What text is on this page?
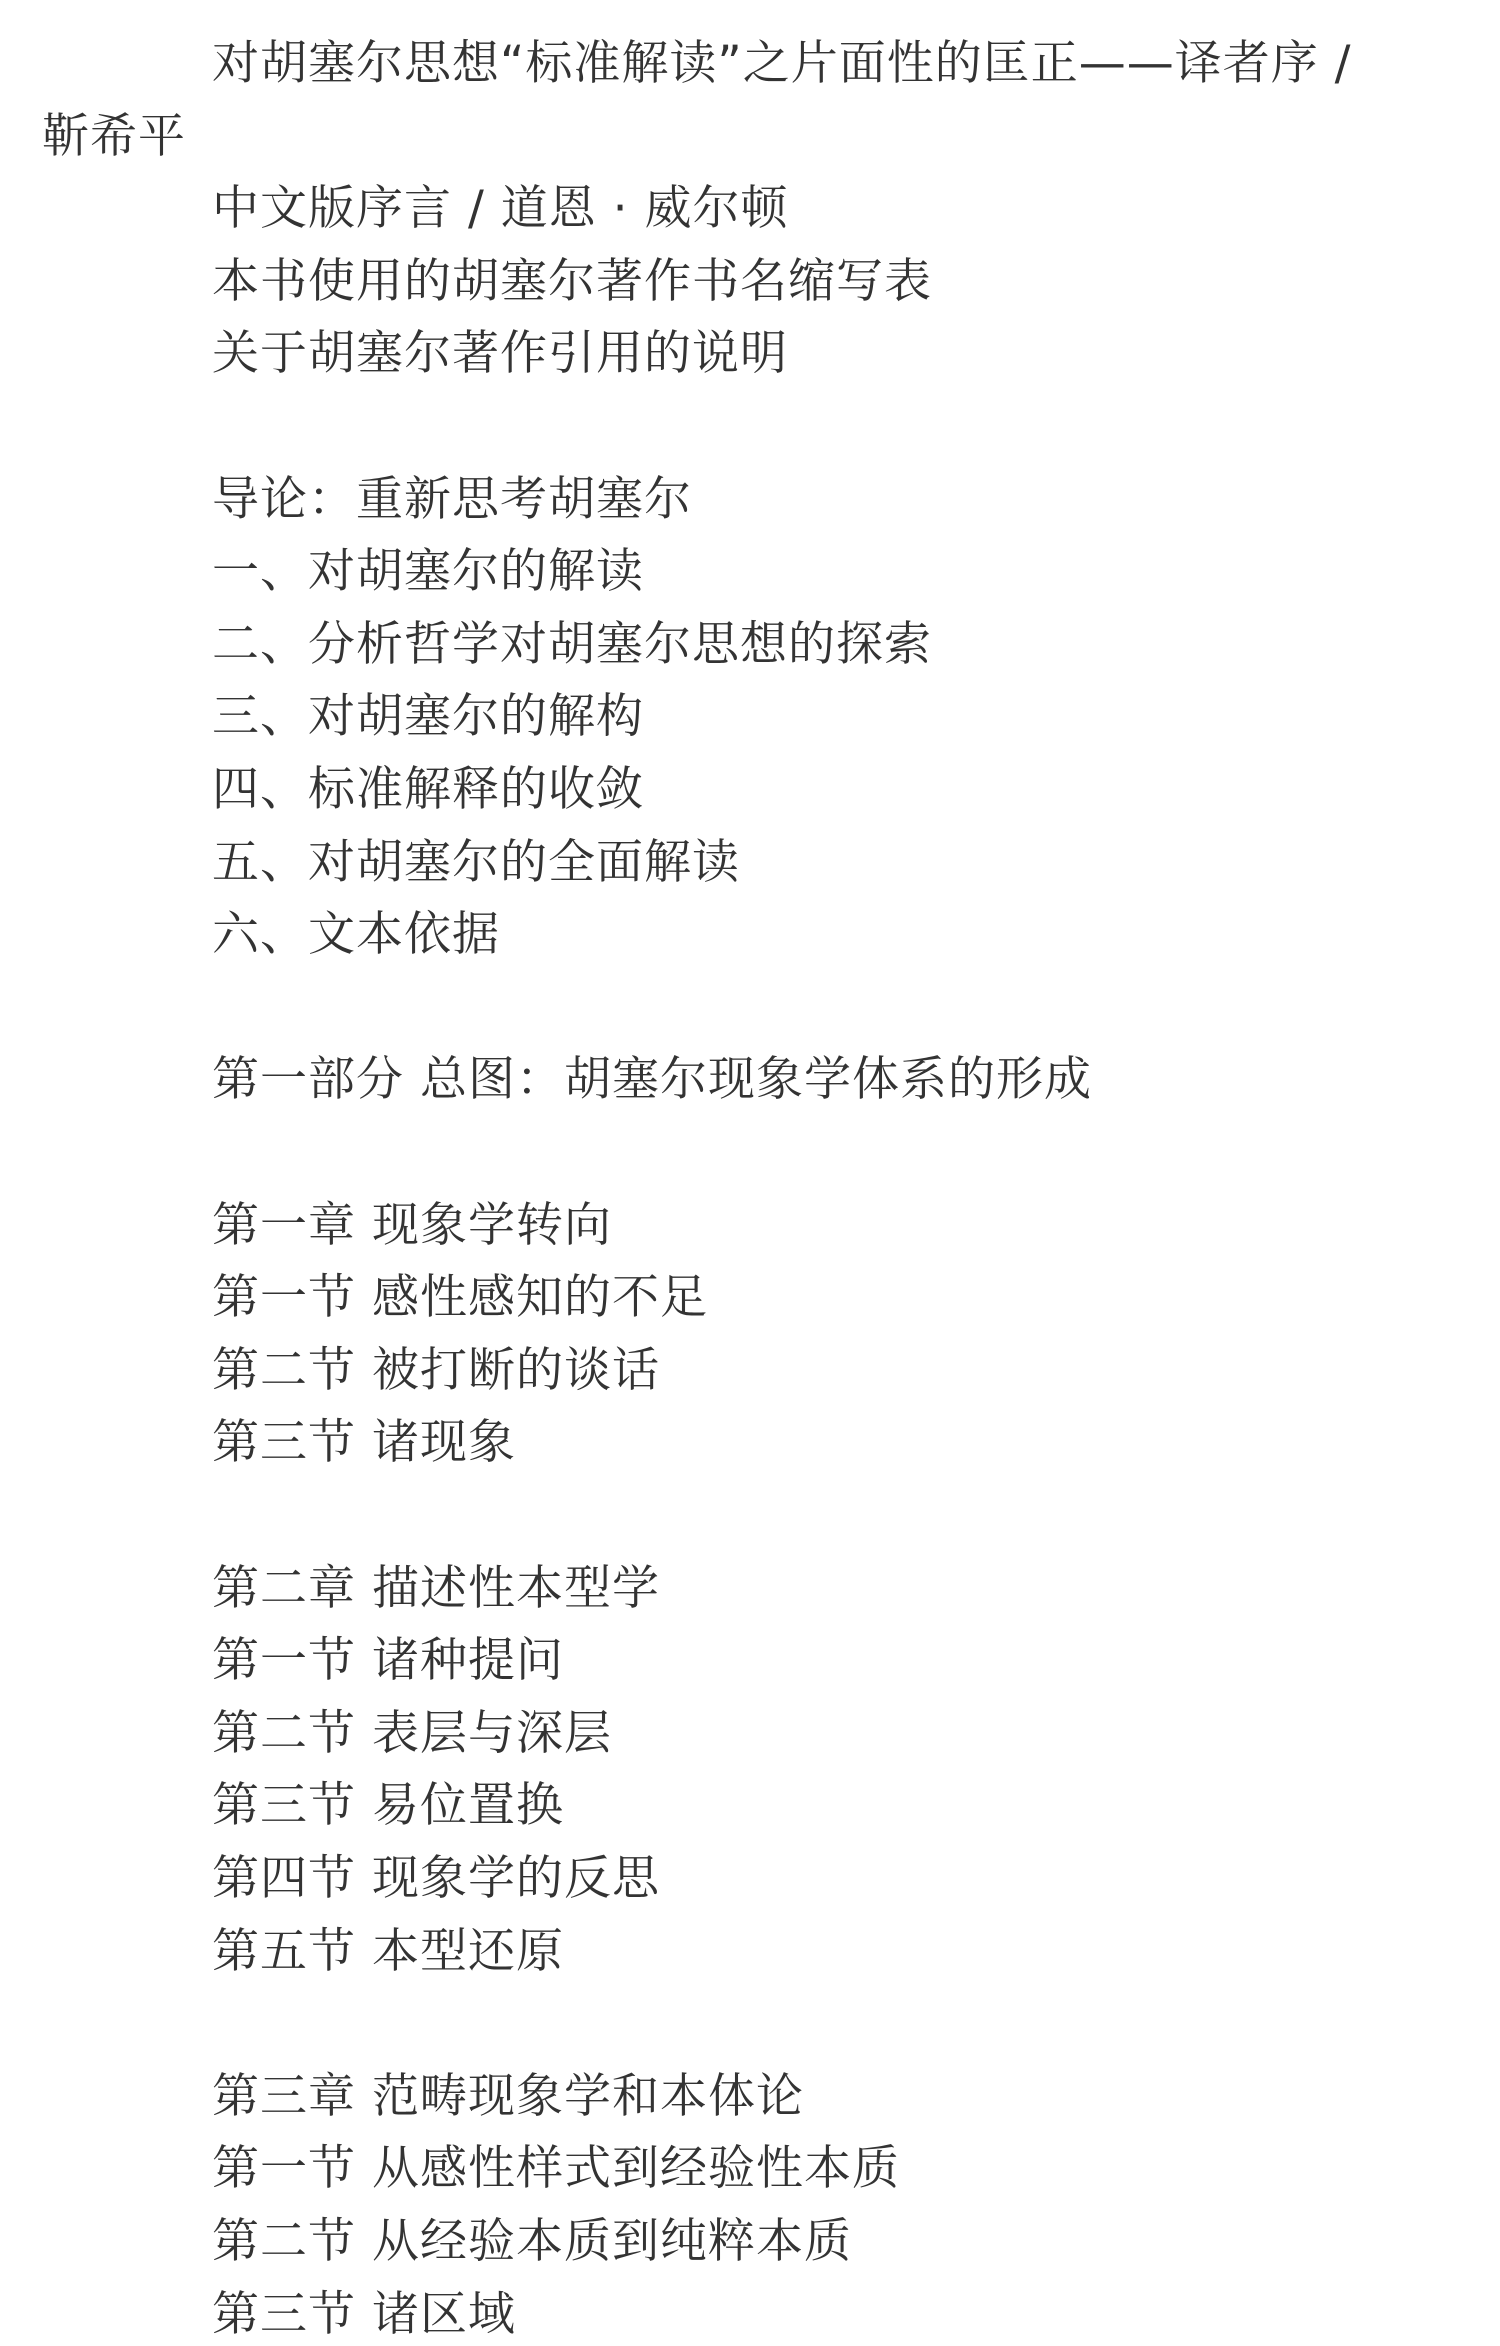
对胡塞尔思想“标准解读”之片面性的匡正——译者序 /
靳希平
中文版序言 / 道恩 · 威尔顿
本书使用的胡塞尔著作书名缩写表
关于胡塞尔著作引用的说明
导论：重新思考胡塞尔
一、对胡塞尔的解读
二、分析哲学对胡塞尔思想的探索
三、对胡塞尔的解构
四、标准解释的收敛
五、对胡塞尔的全面解读
六、文本依据
第一部分 总图：胡塞尔现象学体系的形成
第一章 现象学转向
第一节 感性感知的不足
第二节 被打断的谈话
第三节 诸现象
第二章 描述性本型学
第一节 诸种提问
第二节 表层与深层
第三节 易位置换
第四节 现象学的反思
第五节 本型还原
第三章 范畴现象学和本体论
第一节 从感性样式到经验性本质
第二节 从经验本质到纯粹本质
第三节 诸区域
